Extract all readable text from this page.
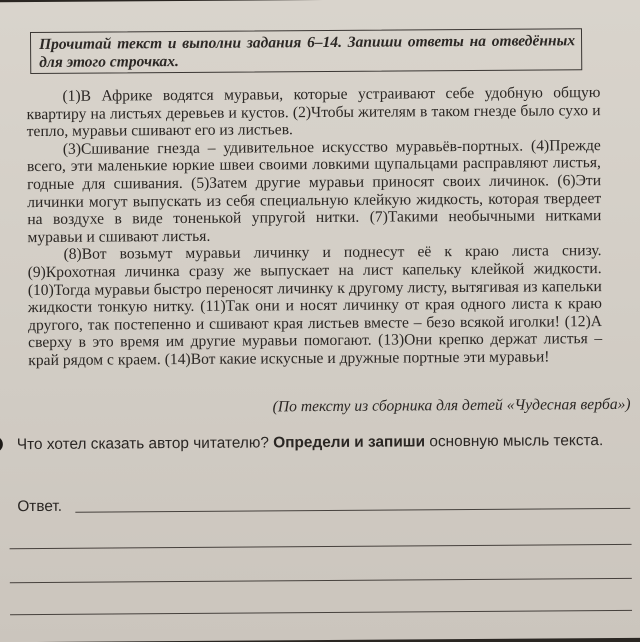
Прочитай текст и выполни задания 6–14. Запиши ответы на отведённых для этого строчках.

(1)В Африке водятся муравьи, которые устраивают себе удобную общую квартиру на листьях деревьев и кустов. (2)Чтобы жителям в таком гнезде было сухо и тепло, муравьи сшивают его из листьев.

(3)Сшивание гнезда – удивительное искусство муравьёв-портных. (4)Прежде всего, эти маленькие юркие швеи своими ловкими щупальцами расправляют листья, годные для сшивания. (5)Затем другие муравьи приносят своих личинок. (6)Эти личинки могут выпускать из себя специальную клейкую жидкость, которая твердеет на воздухе в виде тоненькой упругой нитки. (7)Такими необычными нитками муравьи и сшивают листья.

(8)Вот возьмут муравьи личинку и поднесут её к краю листа снизу. (9)Крохотная личинка сразу же выпускает на лист капельку клейкой жидкости. (10)Тогда муравьи быстро переносят личинку к другому листу, вытягивая из капельки жидкости тонкую нитку. (11)Так они и носят личинку от края одного листа к краю другого, так постепенно и сшивают края листьев вместе – безо всякой иголки! (12)А сверху в это время им другие муравьи помогают. (13)Они крепко держат листья – край рядом с краем. (14)Вот какие искусные и дружные портные эти муравьи!

(По тексту из сборника для детей «Чудесная верба»)
Что хотел сказать автор читателю? Определи и запиши основную мысль текста.
Ответ.
